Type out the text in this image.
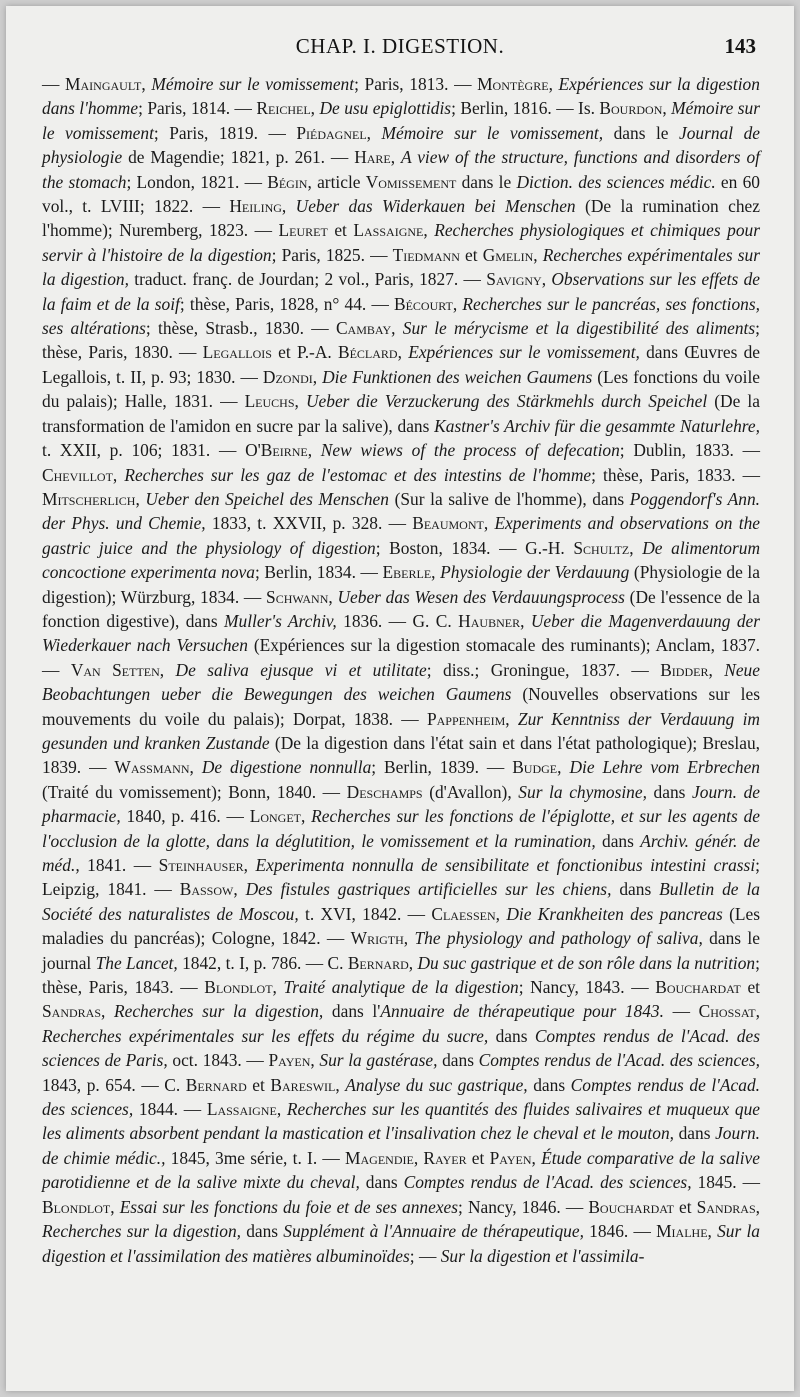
CHAP. I. DIGESTION.	143
— Maingault, Mémoire sur le vomissement; Paris, 1813. — Montègre, Expériences sur la digestion dans l'homme; Paris, 1814. — Reichel, De usu epiglottidis; Berlin, 1816. — Is. Bourdon, Mémoire sur le vomissement; Paris, 1819. — Piédagnel, Mémoire sur le vomissement, dans le Journal de physiologie de Magendie; 1821, p. 261. — Hare, A view of the structure, functions and disorders of the stomach; London, 1821. — Bégin, article Vomissement dans le Diction. des sciences médic. en 60 vol., t. LVIII; 1822. — Heiling, Ueber das Widerkauen bei Menschen (De la rumination chez l'homme); Nuremberg, 1823. — Leuret et Lassaigne, Recherches physiologiques et chimiques pour servir à l'histoire de la digestion; Paris, 1825. — Tiedmann et Gmelin, Recherches expérimentales sur la digestion, traduct. franç. de Jourdan; 2 vol., Paris, 1827. — Savigny, Observations sur les effets de la faim et de la soif; thèse, Paris, 1828, n° 44. — Bécourt, Recherches sur le pancréas, ses fonctions, ses altérations; thèse, Strasb., 1830. — Cambay, Sur le mérycisme et la digestibilité des aliments; thèse, Paris, 1830. — Legallois et P.-A. Béclard, Expériences sur le vomissement, dans Œuvres de Legallois, t. II, p. 93; 1830. — Dzondi, Die Funktionen des weichen Gaumens (Les fonctions du voile du palais); Halle, 1831. — Leuchs, Ueber die Verzuckerung des Stärkmehls durch Speichel (De la transformation de l'amidon en sucre par la salive), dans Kastner's Archiv für die gesammte Naturlehre, t. XXII, p. 106; 1831. — O'Beirne, New wiews of the process of defecation; Dublin, 1833. — Chevillot, Recherches sur les gaz de l'estomac et des intestins de l'homme; thèse, Paris, 1833. — Mitscherlich, Ueber den Speichel des Menschen (Sur la salive de l'homme), dans Poggendorf's Ann. der Phys. und Chemie, 1833, t. XXVII, p. 328. — Beaumont, Experiments and observations on the gastric juice and the physiology of digestion; Boston, 1834. — G.-H. Schultz, De alimentorum concoctione experimenta nova; Berlin, 1834. — Eberle, Physiologie der Verdauung (Physiologie de la digestion); Würzburg, 1834. — Schwann, Ueber das Wesen des Verdauungsprocess (De l'essence de la fonction digestive), dans Muller's Archiv, 1836. — G. C. Haubner, Ueber die Magenverdauung der Wiederkauer nach Versuchen (Expériences sur la digestion stomacale des ruminants); Anclam, 1837. — Van Setten, De saliva ejusque vi et utilitate; diss.; Groningue, 1837. — Bidder, Neue Beobachtungen ueber die Bewegungen des weichen Gaumens (Nouvelles observations sur les mouvements du voile du palais); Dorpat, 1838. — Pappenheim, Zur Kenntniss der Verdauung im gesunden und kranken Zustande (De la digestion dans l'état sain et dans l'état pathologique); Breslau, 1839. — Wassmann, De digestione nonnulla; Berlin, 1839. — Budge, Die Lehre vom Erbrechen (Traité du vomissement); Bonn, 1840. — Deschamps (d'Avallon), Sur la chymosine, dans Journ. de pharmacie, 1840, p. 416. — Longet, Recherches sur les fonctions de l'épiglotte, et sur les agents de l'occlusion de la glotte, dans la déglutition, le vomissement et la rumination, dans Archiv. génér. de méd., 1841. — Steinhauser, Experimenta nonnulla de sensibilitate et fonctionibus intestini crassi; Leipzig, 1841. — Bassow, Des fistules gastriques artificielles sur les chiens, dans Bulletin de la Société des naturalistes de Moscou, t. XVI, 1842. — Claessen, Die Krankheiten des pancreas (Les maladies du pancréas); Cologne, 1842. — Wrigth, The physiology and pathology of saliva, dans le journal The Lancet, 1842, t. I, p. 786. — C. Bernard, Du suc gastrique et de son rôle dans la nutrition; thèse, Paris, 1843. — Blondlot, Traité analytique de la digestion; Nancy, 1843. — Bouchardat et Sandras, Recherches sur la digestion, dans l'Annuaire de thérapeutique pour 1843. — Chossat, Recherches expérimentales sur les effets du régime du sucre, dans Comptes rendus de l'Acad. des sciences de Paris, oct. 1843. — Payen, Sur la gastérase, dans Comptes rendus de l'Acad. des sciences, 1843, p. 654. — C. Bernard et Bareswil, Analyse du suc gastrique, dans Comptes rendus de l'Acad. des sciences, 1844. — Lassaigne, Recherches sur les quantités des fluides salivaires et muqueux que les aliments absorbent pendant la mastication et l'insalivation chez le cheval et le mouton, dans Journ. de chimie médic., 1845, 3me série, t. I. — Magendie, Rayer et Payen, Étude comparative de la salive parotidienne et de la salive mixte du cheval, dans Comptes rendus de l'Acad. des sciences, 1845. — Blondlot, Essai sur les fonctions du foie et de ses annexes; Nancy, 1846. — Bouchardat et Sandras, Recherches sur la digestion, dans Supplément à l'Annuaire de thérapeutique, 1846. — Mialhe, Sur la digestion et l'assimilation des matières albuminoïdes; — Sur la digestion et l'assimila-
